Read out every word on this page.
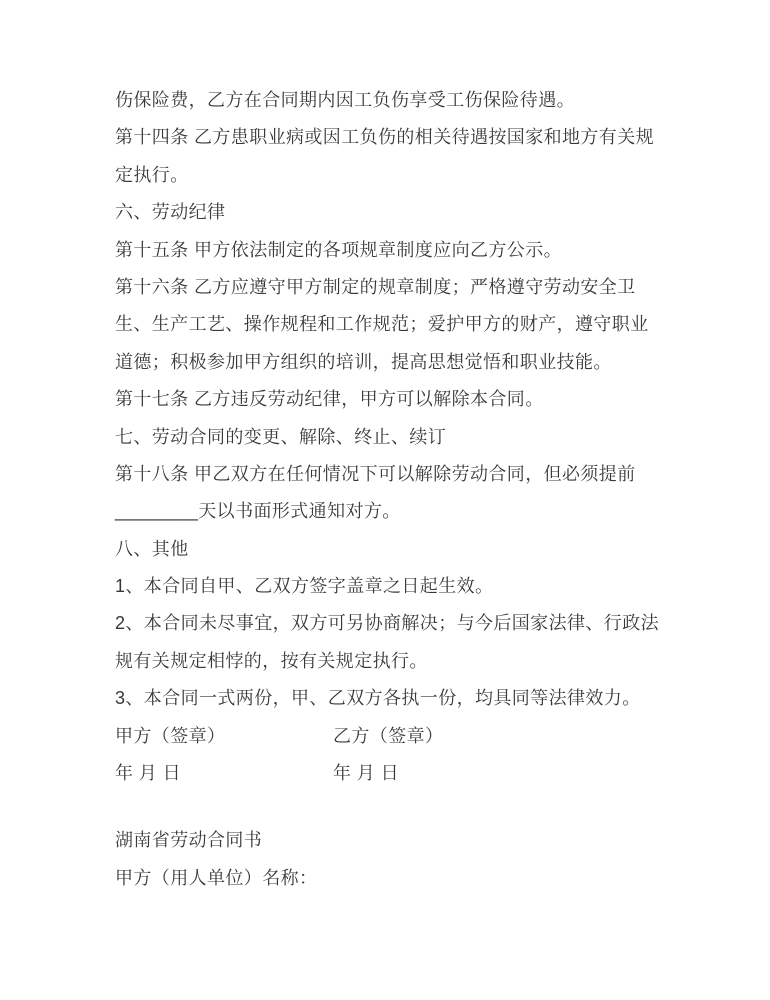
伤保险费，乙方在合同期内因工负伤享受工伤保险待遇。
第十四条 乙方患职业病或因工负伤的相关待遇按国家和地方有关规
定执行。
六、劳动纪律
第十五条 甲方依法制定的各项规章制度应向乙方公示。
第十六条 乙方应遵守甲方制定的规章制度；严格遵守劳动安全卫
生、生产工艺、操作规程和工作规范；爱护甲方的财产，遵守职业
道德；积极参加甲方组织的培训，提高思想觉悟和职业技能。
第十七条 乙方违反劳动纪律，甲方可以解除本合同。
七、劳动合同的变更、解除、终止、续订
第十八条 甲乙双方在任何情况下可以解除劳动合同，但必须提前
________天以书面形式通知对方。
八、其他
1、本合同自甲、乙双方签字盖章之日起生效。
2、本合同未尽事宜，双方可另协商解决；与今后国家法律、行政法
规有关规定相悖的，按有关规定执行。
3、本合同一式两份，甲、乙双方各执一份，均具同等法律效力。
甲方（签章）	乙方（签章）
年 月 日	年 月 日
湖南省劳动合同书
甲方（用人单位）名称：
